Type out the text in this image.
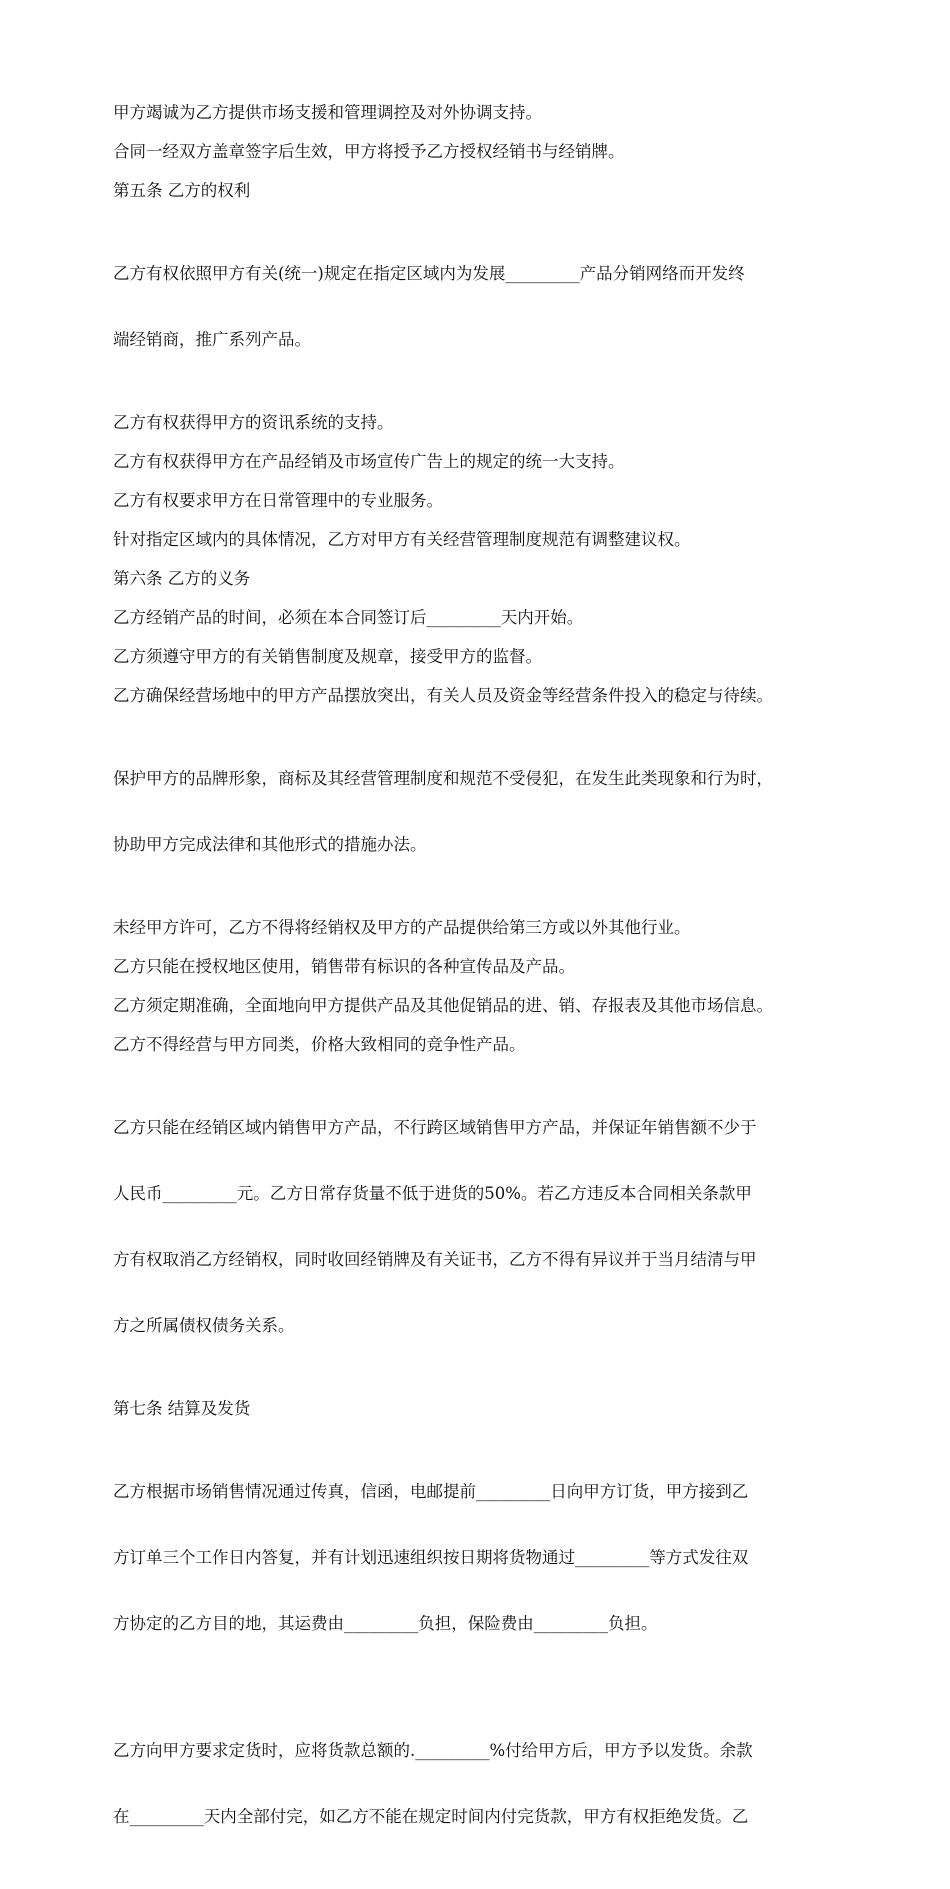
甲方竭诚为乙方提供市场支援和管理调控及对外协调支持。
合同一经双方盖章签字后生效，甲方将授予乙方授权经销书与经销牌。
第五条 乙方的权利

乙方有权依照甲方有关(统一)规定在指定区域内为发展_________产品分销网络而开发终

端经销商，推广系列产品。

乙方有权获得甲方的资讯系统的支持。
乙方有权获得甲方在产品经销及市场宣传广告上的规定的统一大支持。
乙方有权要求甲方在日常管理中的专业服务。
针对指定区域内的具体情况，乙方对甲方有关经营管理制度规范有调整建议权。
第六条 乙方的义务
乙方经销产品的时间，必须在本合同签订后_________天内开始。
乙方须遵守甲方的有关销售制度及规章，接受甲方的监督。
乙方确保经营场地中的甲方产品摆放突出，有关人员及资金等经营条件投入的稳定与待续。

保护甲方的品牌形象，商标及其经营管理制度和规范不受侵犯，在发生此类现象和行为时，

协助甲方完成法律和其他形式的措施办法。

未经甲方许可，乙方不得将经销权及甲方的产品提供给第三方或以外其他行业。
乙方只能在授权地区使用，销售带有标识的各种宣传品及产品。
乙方须定期准确，全面地向甲方提供产品及其他促销品的进、销、存报表及其他市场信息。
乙方不得经营与甲方同类，价格大致相同的竞争性产品。

乙方只能在经销区域内销售甲方产品，不行跨区域销售甲方产品，并保证年销售额不少于

人民币_________元。乙方日常存货量不低于进货的50%。若乙方违反本合同相关条款甲

方有权取消乙方经销权，同时收回经销牌及有关证书，乙方不得有异议并于当月结清与甲

方之所属债权债务关系。

第七条 结算及发货

乙方根据市场销售情况通过传真，信函，电邮提前_________日向甲方订货，甲方接到乙

方订单三个工作日内答复，并有计划迅速组织按日期将货物通过_________等方式发往双

方协定的乙方目的地，其运费由_________负担，保险费由_________负担。

乙方向甲方要求定货时，应将货款总额的._________%付给甲方后，甲方予以发货。余款

在_________天内全部付完，如乙方不能在规定时间内付完货款，甲方有权拒绝发货。乙
